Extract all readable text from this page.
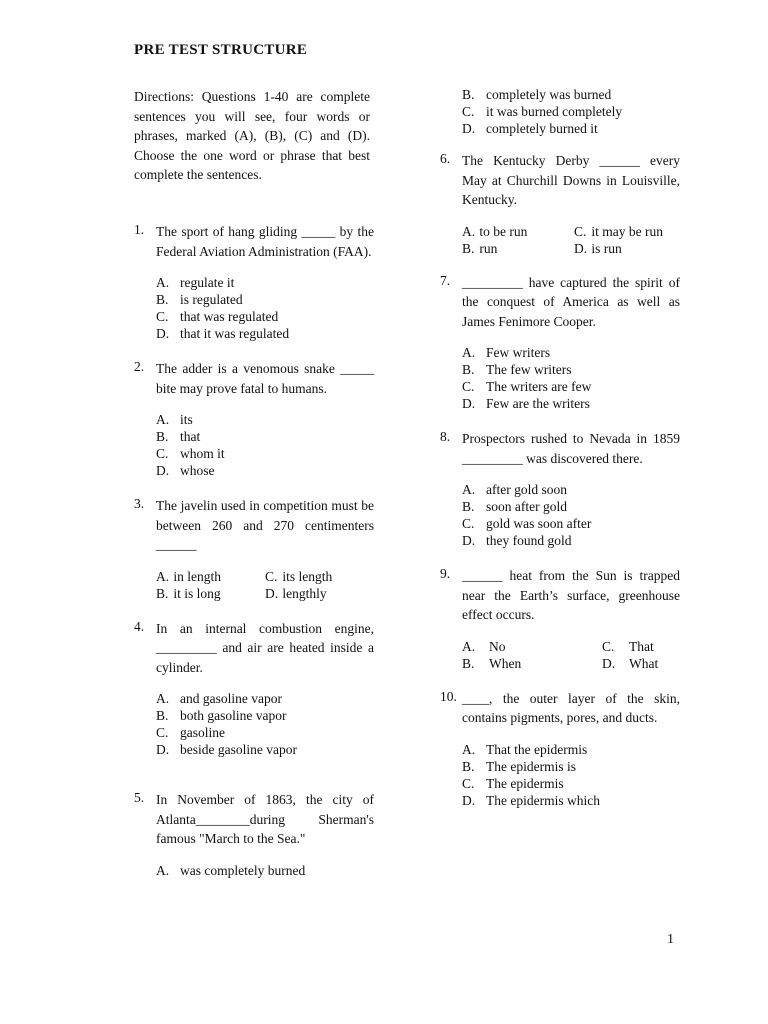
PRE TEST STRUCTURE
Directions: Questions 1-40 are complete sentences you will see, four words or phrases, marked (A), (B), (C) and (D). Choose the one word or phrase that best complete the sentences.
1. The sport of hang gliding _____ by the Federal Aviation Administration (FAA).
A. regulate it
B. is regulated
C. that was regulated
D. that it was regulated
2. The adder is a venomous snake _____ bite may prove fatal to humans.
A. its
B. that
C. whom it
D. whose
3. The javelin used in competition must be between 260 and 270 centimenters ______
A. in length	C. its length
B. it is long	D. lengthly
4. In an internal combustion engine, _________ and air are heated inside a cylinder.
A. and gasoline vapor
B. both gasoline vapor
C. gasoline
D. beside gasoline vapor
5. In November of 1863, the city of Atlanta________during Sherman's famous "March to the Sea."
A. was completely burned
B. completely was burned
C. it was burned completely
D. completely burned it
6. The Kentucky Derby ______ every May at Churchill Downs in Louisville, Kentucky.
A. to be run	C. it may be run
B. run	D. is run
7. _________ have captured the spirit of the conquest of America as well as James Fenimore Cooper.
A. Few writers
B. The few writers
C. The writers are few
D. Few are the writers
8. Prospectors rushed to Nevada in 1859 _________ was discovered there.
A. after gold soon
B. soon after gold
C. gold was soon after
D. they found gold
9. ______ heat from the Sun is trapped near the Earth’s surface, greenhouse effect occurs.
A. No	C. That
B. When	D. What
10. ____, the outer layer of the skin, contains pigments, pores, and ducts.
A. That the epidermis
B. The epidermis is
C. The epidermis
D. The epidermis which
1
